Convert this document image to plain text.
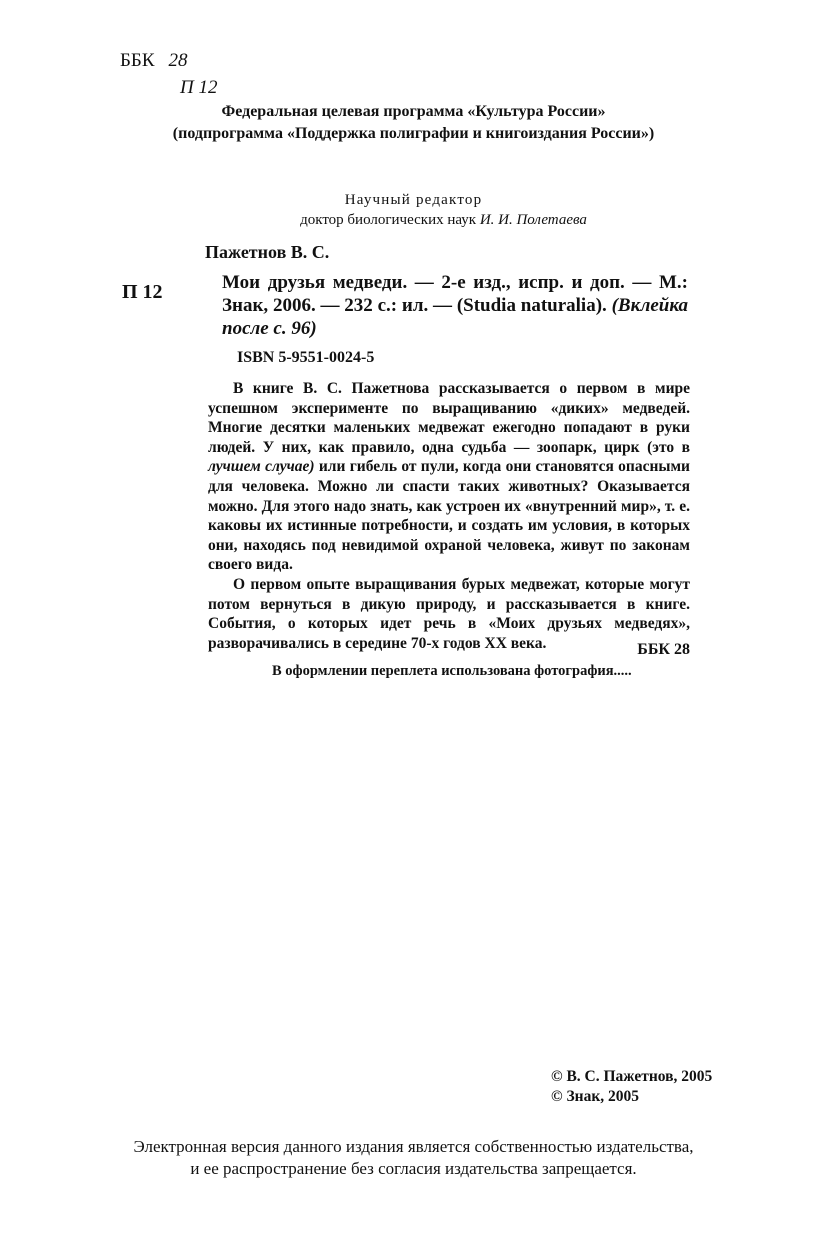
ББК 28
П 12
Федеральная целевая программа «Культура России»
(подпрограмма «Поддержка полиграфии и книгоиздания России»)
Научный редактор
доктор биологических наук И. И. Полетаева
Пажетнов В. С.
П 12	Мои друзья медведи. — 2-е изд., испр. и доп. — М.: Знак, 2006. — 232 с.: ил. — (Studia naturalia). (Вклейка после с. 96)
ISBN 5-9551-0024-5

В книге В. С. Пажетнова рассказывается о первом в мире успешном эксперименте по выращиванию «диких» медведей. Многие десятки маленьких медвежат ежегодно попадают в руки людей. У них, как правило, одна судьба — зоопарк, цирк (это в лучшем случае) или гибель от пули, когда они становятся опасными для человека. Можно ли спасти таких животных? Оказывается можно. Для этого надо знать, как устроен их «внутренний мир», т. е. каковы их истинные потребности, и создать им условия, в которых они, находясь под невидимой охраной человека, живут по законам своего вида.

О первом опыте выращивания бурых медвежат, которые могут потом вернуться в дикую природу, и рассказывается в книге. События, о которых идет речь в «Моих друзьях медведях», разворачивались в середине 70-х годов XX века.	ББК 28
В оформлении переплета использована фотография.....
© В. С. Пажетнов, 2005
© Знак, 2005
Электронная версия данного издания является собственностью издательства,
и ее распространение без согласия издательства запрещается.
